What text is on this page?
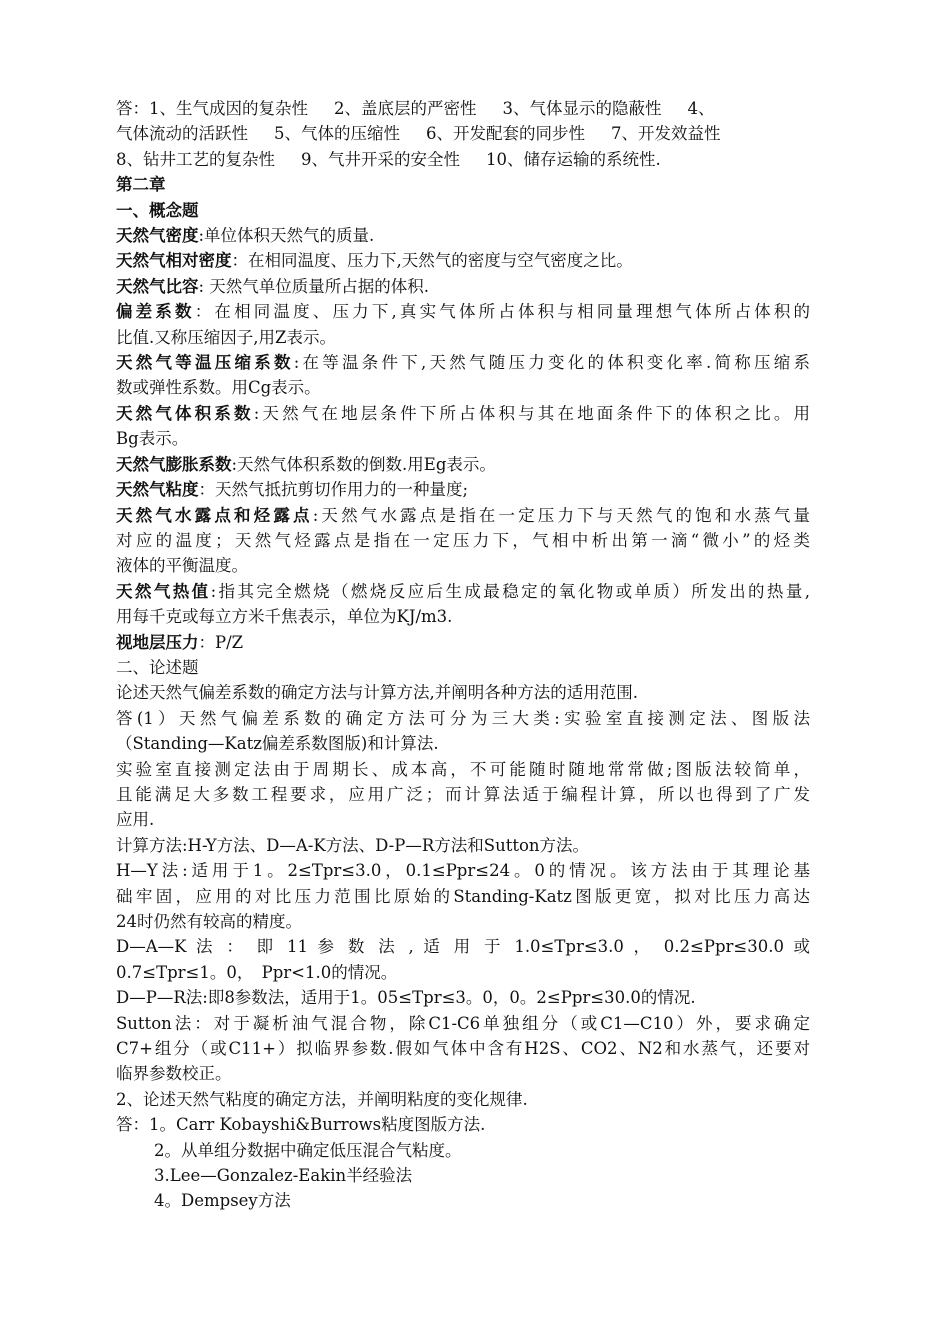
答：1、生气成因的复杂性 2、盖底层的严密性 3、气体显示的隐蔽性 4、

气体流动的活跃性 5、气体的压缩性 6、开发配套的同步性 7、开发效益性

8、钻井工艺的复杂性 9、气井开采的安全性 10、储存运输的系统性.

第二章

一、概念题

天然气密度:单位体积天然气的质量.

天然气相对密度：在相同温度、压力下,天然气的密度与空气密度之比。

天然气比容: 天然气单位质量所占据的体积.

偏差系数：在相同温度、压力下,真实气体所占体积与相同量理想气体所占体积的

比值.又称压缩因子,用Z表示。

天然气等温压缩系数:在等温条件下,天然气随压力变化的体积变化率.简称压缩系

数或弹性系数。用Cg表示。

天然气体积系数:天然气在地层条件下所占体积与其在地面条件下的体积之比。用

Bg表示。

天然气膨胀系数:天然气体积系数的倒数.用Eg表示。

天然气粘度：天然气抵抗剪切作用力的一种量度;

天然气水露点和烃露点:天然气水露点是指在一定压力下与天然气的饱和水蒸气量

对应的温度；天然气烃露点是指在一定压力下，气相中析出第一滴“微小”的烃类

液体的平衡温度。

天然气热值:指其完全燃烧（燃烧反应后生成最稳定的氧化物或单质）所发出的热量,

用每千克或每立方米千焦表示，单位为KJ/m3.

视地层压力：P/Z

二、论述题

论述天然气偏差系数的确定方法与计算方法,并阐明各种方法的适用范围.

答(1）天然气偏差系数的确定方法可分为三大类:实验室直接测定法、图版法

（Standing—Katz偏差系数图版)和计算法.

实验室直接测定法由于周期长、成本高，不可能随时随地常常做;图版法较简单，

且能满足大多数工程要求，应用广泛；而计算法适于编程计算，所以也得到了广发

应用.

计算方法:H-Y方法、D—A-K方法、D-P—R方法和Sutton方法。

H—Y法:适用于1。2≤Tpr≤3.0，0.1≤Ppr≤24。0的情况。该方法由于其理论基

础牢固，应用的对比压力范围比原始的Standing-Katz图版更宽，拟对比压力高达

24时仍然有较高的精度。

D—A—K 法 ： 即 11 参 数 法 , 适 用 于 1.0≤Tpr≤3.0 ， 0.2≤Ppr≤30.0 或

0.7≤Tpr≤1。0，　Ppr<1.0的情况。

D—P—R法:即8参数法，适用于1。05≤Tpr≤3。0，0。2≤Ppr≤30.0的情况.

Sutton法：对于凝析油气混合物，除C1-C6单独组分（或C1—C10）外，要求确定

C7+组分（或C11+）拟临界参数.假如气体中含有H2S、CO2、N2和水蒸气，还要对

临界参数校正。

2、论述天然气粘度的确定方法，并阐明粘度的变化规律.

答：1。Carr Kobayshi&Burrows粘度图版方法.

2。从单组分数据中确定低压混合气粘度。

3.Lee—Gonzalez-Eakin半经验法

4。Dempsey方法
